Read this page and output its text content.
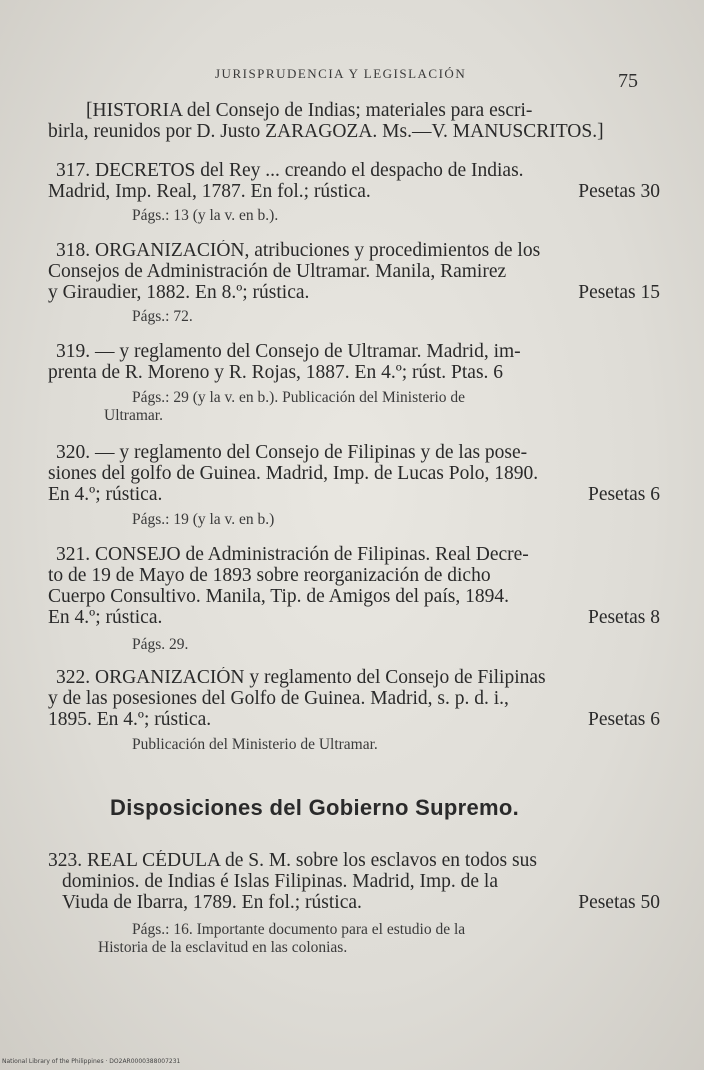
JURISPRUDENCIA Y LEGISLACIÓN	75
[HISTORIA del Consejo de Indias; materiales para escri-
birla, reunidos por D. Justo ZARAGOZA. Ms.—V. MANUSCRITOS.]
317. DECRETOS del Rey ... creando el despacho de Indias.
Madrid, Imp. Real, 1787. En fol.; rústica.	Pesetas 30
Págs.: 13 (y la v. en b.).
318. ORGANIZACIÓN, atribuciones y procedimientos de los
Consejos de Administración de Ultramar. Manila, Ramirez
y Giraudier, 1882. En 8.º; rústica.	Pesetas 15
Págs.: 72.
319. — y reglamento del Consejo de Ultramar. Madrid, im-
prenta de R. Moreno y R. Rojas, 1887. En 4.º; rúst. Ptas. 6
Págs.: 29 (y la v. en b.). Publicación del Ministerio de
Ultramar.
320. — y reglamento del Consejo de Filipinas y de las pose-
siones del golfo de Guinea. Madrid, Imp. de Lucas Polo, 1890.
En 4.º; rústica.	Pesetas 6
Págs.: 19 (y la v. en b.)
321. CONSEJO de Administración de Filipinas. Real Decre-
to de 19 de Mayo de 1893 sobre reorganización de dicho
Cuerpo Consultivo. Manila, Tip. de Amigos del país, 1894.
En 4.º; rústica.	Pesetas 8
Págs. 29.
322. ORGANIZACIÓN y reglamento del Consejo de Filipinas
y de las posesiones del Golfo de Guinea. Madrid, s. p. d. i.,
1895. En 4.º; rústica.	Pesetas 6
Publicación del Ministerio de Ultramar.
Disposiciones del Gobierno Supremo.
323. REAL CÉDULA de S. M. sobre los esclavos en todos sus
dominios. de Indias é Islas Filipinas. Madrid, Imp. de la
Viuda de Ibarra, 1789. En fol.; rústica.	Pesetas 50
Págs.: 16. Importante documento para el estudio de la
Historia de la esclavitud en las colonias.
National Library of the Philippines · DO2AR0000388007231
